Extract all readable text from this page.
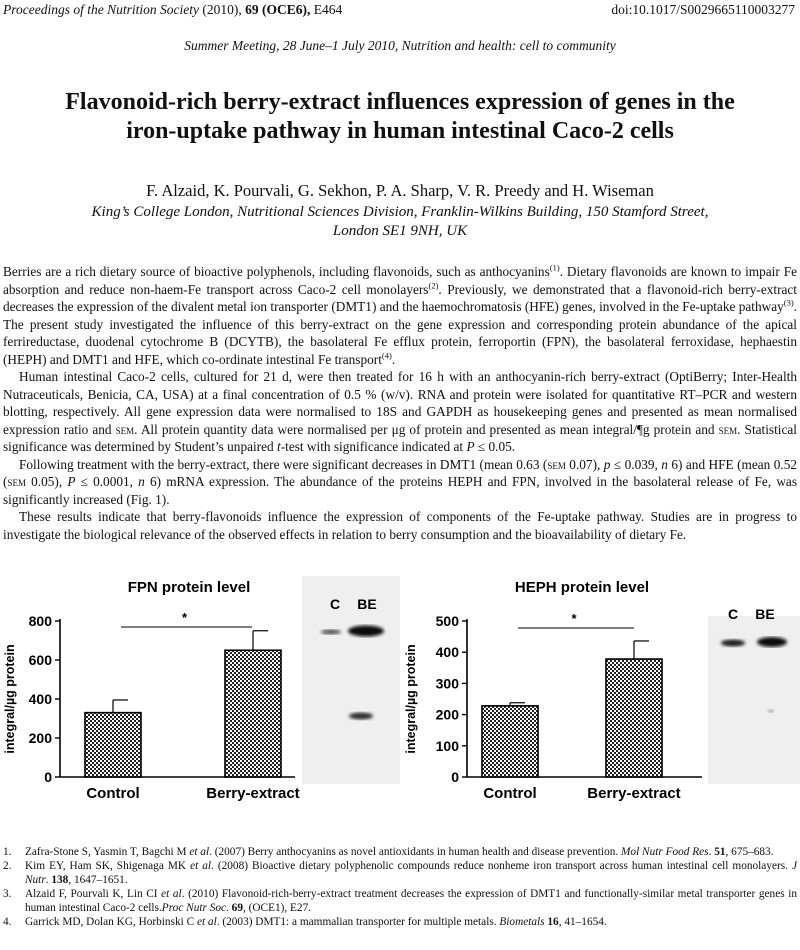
Proceedings of the Nutrition Society (2010), 69 (OCE6), E464	doi:10.1017/S0029665110003277
Summer Meeting, 28 June–1 July 2010, Nutrition and health: cell to community
Flavonoid-rich berry-extract influences expression of genes in the
iron-uptake pathway in human intestinal Caco-2 cells
F. Alzaid, K. Pourvali, G. Sekhon, P. A. Sharp, V. R. Preedy and H. Wiseman
King’s College London, Nutritional Sciences Division, Franklin-Wilkins Building, 150 Stamford Street,
London SE1 9NH, UK

Berries are a rich dietary source of bioactive polyphenols, including flavonoids, such as anthocyanins$^{(1)}$. Dietary flavonoids are known to impair Fe absorption and reduce non-haem-Fe transport across Caco-2 cell monolayers$^{(2)}$. Previously, we demonstrated that a flavonoid-rich berry-extract decreases the expression of the divalent metal ion transporter (DMT1) and the haemochromatosis (HFE) genes, involved in the Fe-uptake pathway$^{(3)}$. The present study investigated the influence of this berry-extract on the gene expression and corresponding protein abundance of the apical ferrireductase, duodenal cytochrome B (DCYTB), the basolateral Fe efflux protein, ferroportin (FPN), the basolateral ferroxidase, hephaestin (HEPH) and DMT1 and HFE, which co-ordinate intestinal Fe transport$^{(4)}$.

Human intestinal Caco-2 cells, cultured for 21 d, were then treated for 16 h with an anthocyanin-rich berry-extract (OptiBerry; Inter-Health Nutraceuticals, Benicia, CA, USA) at a final concentration of 0.5 % (w/v). RNA and protein were isolated for quantitative RT–PCR and western blotting, respectively. All gene expression data were normalised to 18S and GAPDH as housekeeping genes and presented as mean normalised expression ratio and sem. All protein quantity data were normalised per μg of protein and presented as mean integral/¶g protein and sem. Statistical significance was determined by Student’s unpaired t-test with significance indicated at P ≤ 0.05.

Following treatment with the berry-extract, there were significant decreases in DMT1 (mean 0.63 (sem 0.07), p ≤ 0.039, n 6) and HFE (mean 0.52 (sem 0.05), P ≤ 0.0001, n 6) mRNA expression. The abundance of the proteins HEPH and FPN, involved in the basolateral release of Fe, was significantly increased (Fig. 1).

These results indicate that berry-flavonoids influence the expression of components of the Fe-uptake pathway. Studies are in progress to investigate the biological relevance of the observed effects in relation to berry consumption and the bioavailability of dietary Fe.

C BE
C BE
FPN protein level
integral/µg protein
0
200
400
600
800
Control	Berry-extract
*
HEPH protein level
integral/µg protein
0
100
200
300
400
500
Control	Berry-extract
*
1. Zafra-Stone S, Yasmin T, Bagchi M et al. (2007) Berry anthocyanins as novel antioxidants in human health and disease prevention. Mol Nutr Food Res. 51, 675–683.
2. Kim EY, Ham SK, Shigenaga MK et al. (2008) Bioactive dietary polyphenolic compounds reduce nonheme iron transport across human intestinal cell monolayers. J Nutr. 138, 1647–1651.
3. Alzaid F, Pourvali K, Lin CI et al. (2010) Flavonoid-rich-berry-extract treatment decreases the expression of DMT1 and functionally-similar metal transporter genes in human intestinal Caco-2 cells.Proc Nutr Soc. 69, (OCE1), E27.
4. Garrick MD, Dolan KG, Horbinski C et al. (2003) DMT1: a mammalian transporter for multiple metals. Biometals 16, 41–1654.
